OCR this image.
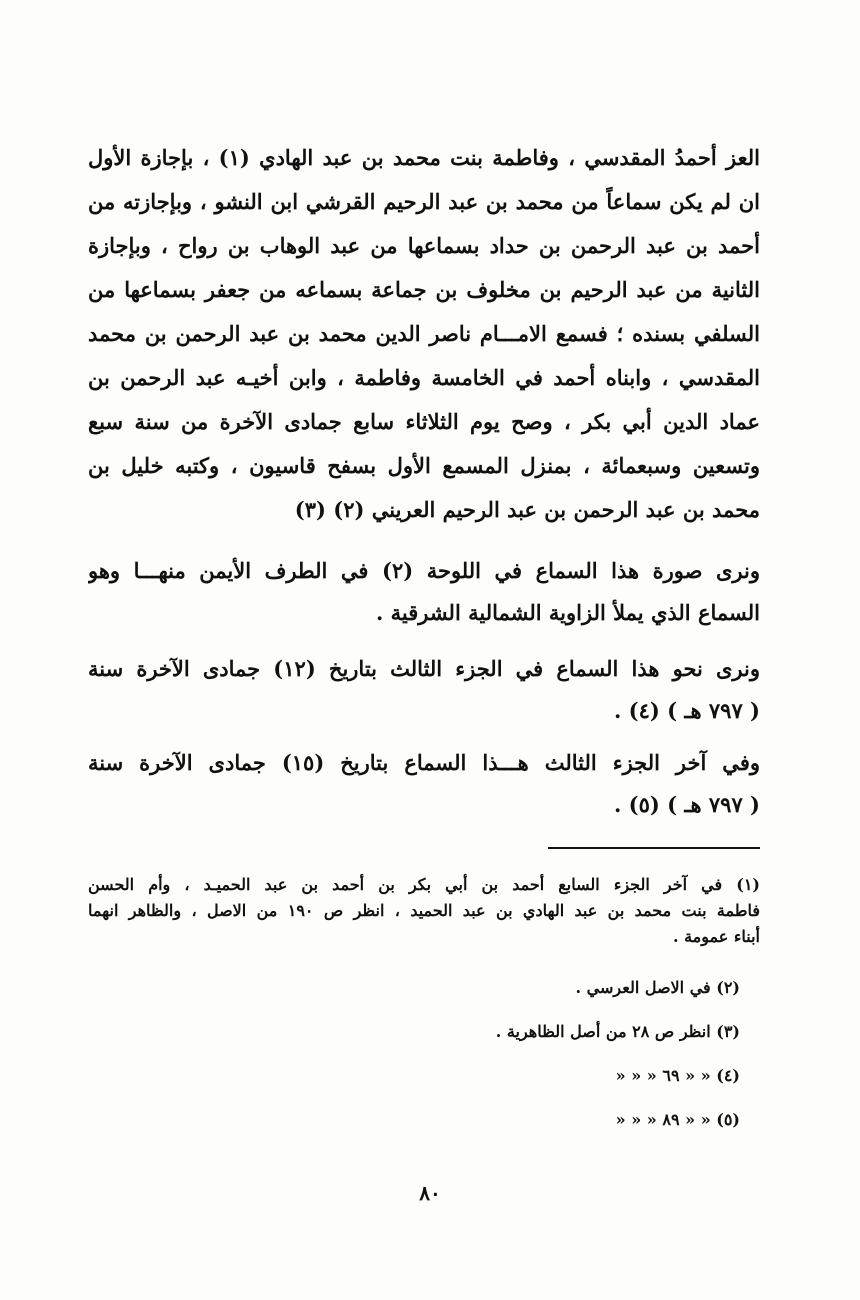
العز أحمدُ المقدسي ، وفاطمة بنت محمد بن عبد الهادي (١) ، بإجازة الأول
ان لم يكن سماعاً من محمد بن عبد الرحيم القرشي ابن النشو ، وبإجازته من
أحمد بن عبد الرحمن بن حداد بسماعها من عبد الوهاب بن رواح ، وبإجازة
الثانية من عبد الرحيم بن مخلوف بن جماعة بسماعه من جعفر بسماعها من
السلفي بسنده ؛ فسمع الامـــام ناصر الدين محمد بن عبد الرحمن بن محمد
المقدسي ، وابناه أحمد في الخامسة وفاطمة ، وابن أخيـه عبد الرحمن بن
عماد الدين أبي بكر ، وصح يوم الثلاثاء سابع جمادى الآخرة من سنة سبع
وتسعين وسبعمائة ، بمنزل المسمع الأول بسفح قاسيون ، وكتبه خليل بن
محمد بن عبد الرحمن بن عبد الرحيم العريني (٢) (٣)
ونرى صورة هذا السماع في اللوحة (٢) في الطرف الأيمن منهـــا وهو
السماع الذي يملأ الزاوية الشمالية الشرقية .
ونرى نحو هذا السماع في الجزء الثالث بتاريخ (١٢) جمادى الآخرة سنة
( ٧٩٧ هـ ) (٤) .
وفي آخر الجزء الثالث هـــذا السماع بتاريخ (١٥) جمادى الآخرة سنة
( ٧٩٧ هـ ) (٥) .
(١) في آخر الجزء السابع أحمد بن أبي بكر بن أحمد بن عبد الحميـد ، وأم الحسن
فاطمة بنت محمد بن عبد الهادي بن عبد الحميد ، انظر ص ١٩٠ من الاصل ، والظاهر انهما
أبناء عمومة .
(٢) في الاصل العرسي .
(٣) انظر ص ٢٨ من أصل الظاهرية .
(٤) « « ٦٩ « « «
(٥) « « ٨٩ « « «
٨٠
